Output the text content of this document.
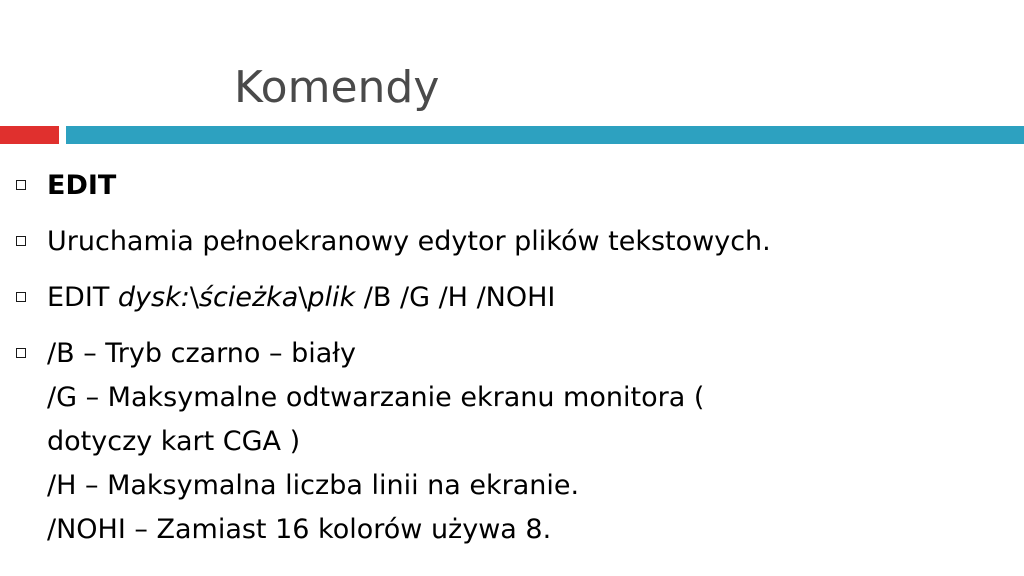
Komendy
EDIT
Uruchamia pełnoekranowy edytor plików tekstowych.
EDIT dysk:\ścieżka\plik /B /G /H /NOHI
/B – Tryb czarno – biały
/G – Maksymalne odtwarzanie ekranu monitora (
dotyczy kart CGA )
/H – Maksymalna liczba linii na ekranie.
/NOHI – Zamiast 16 kolorów używa 8.
